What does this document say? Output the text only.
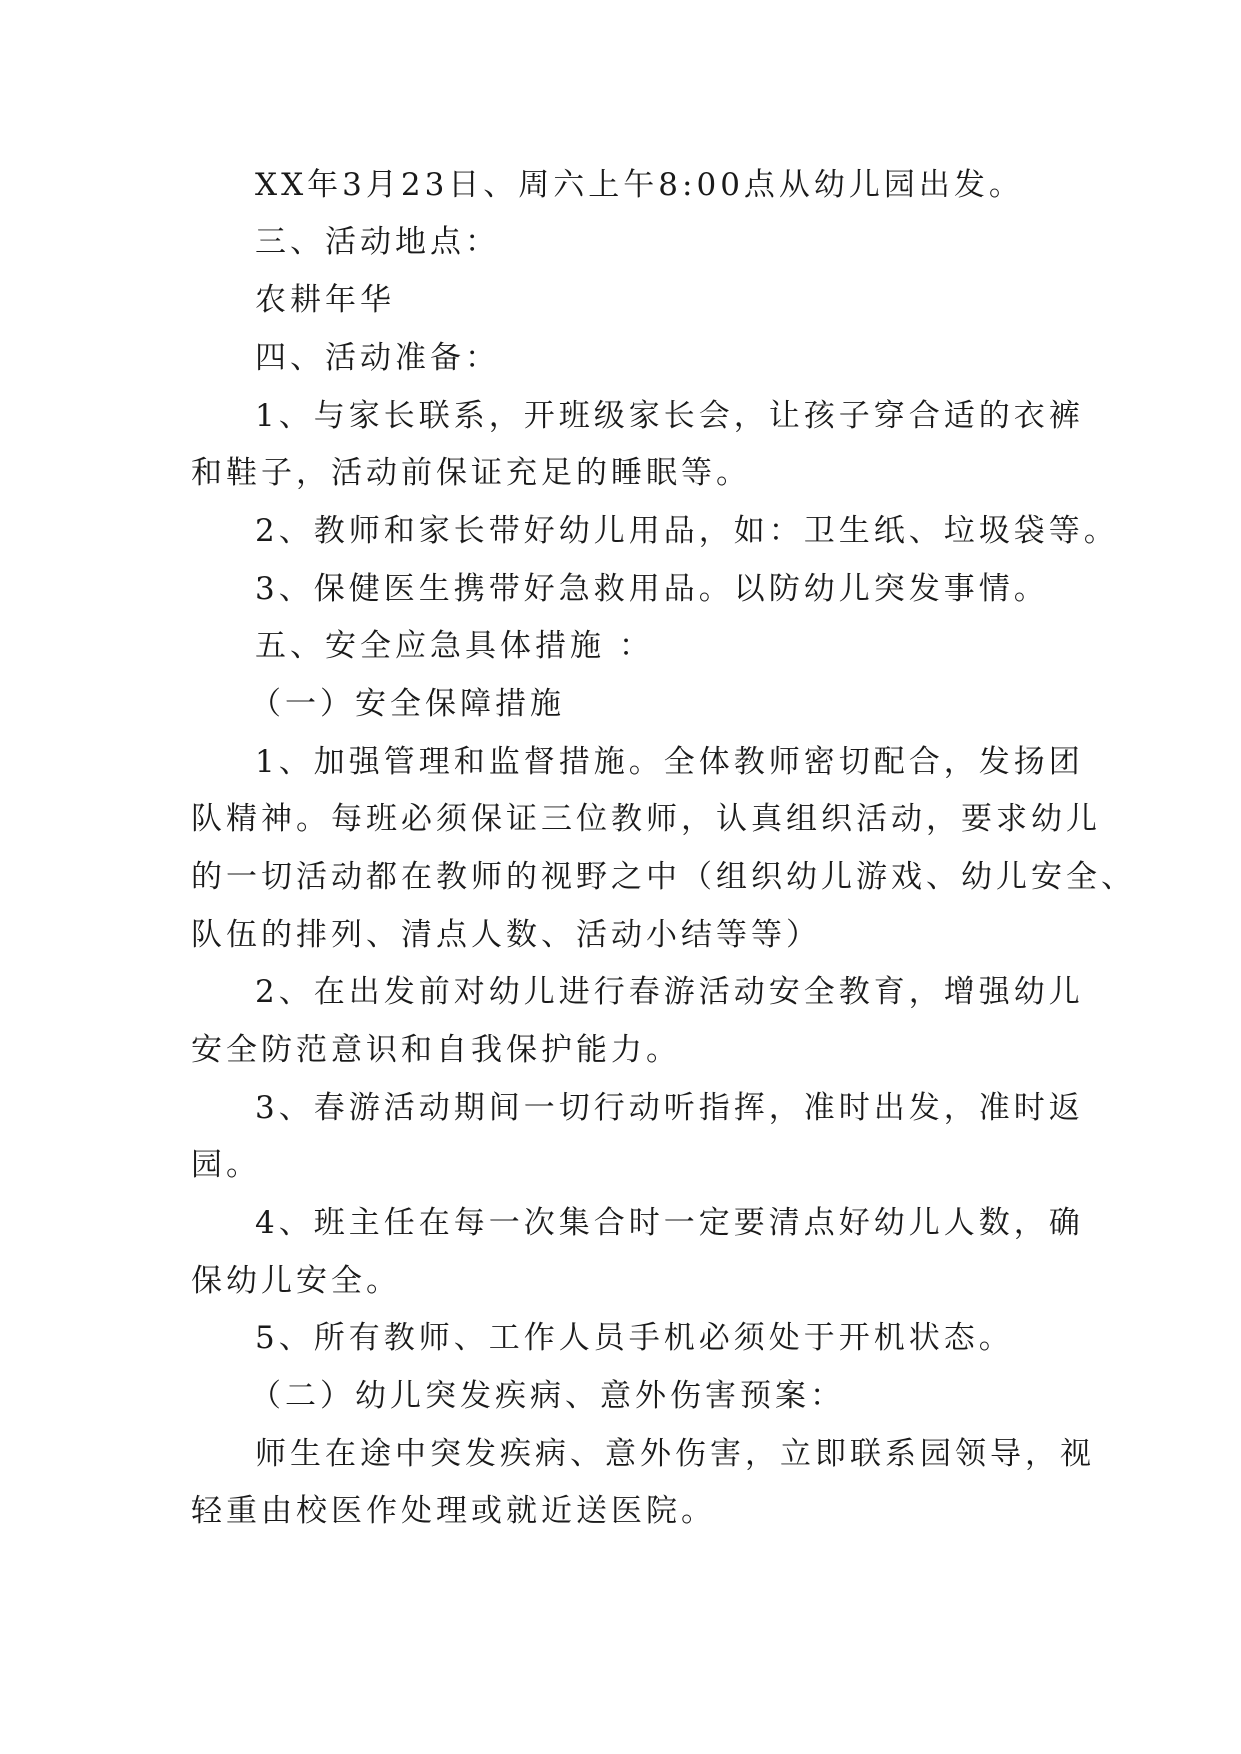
XX年3月23日、周六上午8:00点从幼儿园出发。
三、活动地点：
农耕年华
四、活动准备：
1、与家长联系，开班级家长会，让孩子穿合适的衣裤
和鞋子，活动前保证充足的睡眠等。
2、教师和家长带好幼儿用品，如：卫生纸、垃圾袋等。
3、保健医生携带好急救用品。以防幼儿突发事情。
五、安全应急具体措施 ：
（一）安全保障措施
1、加强管理和监督措施。全体教师密切配合，发扬团
队精神。每班必须保证三位教师，认真组织活动，要求幼儿
的一切活动都在教师的视野之中（组织幼儿游戏、幼儿安全、
队伍的排列、清点人数、活动小结等等）
2、在出发前对幼儿进行春游活动安全教育，增强幼儿
安全防范意识和自我保护能力。
3、春游活动期间一切行动听指挥，准时出发，准时返
园。
4、班主任在每一次集合时一定要清点好幼儿人数，确
保幼儿安全。
5、所有教师、工作人员手机必须处于开机状态。
（二）幼儿突发疾病、意外伤害预案：
师生在途中突发疾病、意外伤害，立即联系园领导，视
轻重由校医作处理或就近送医院。
